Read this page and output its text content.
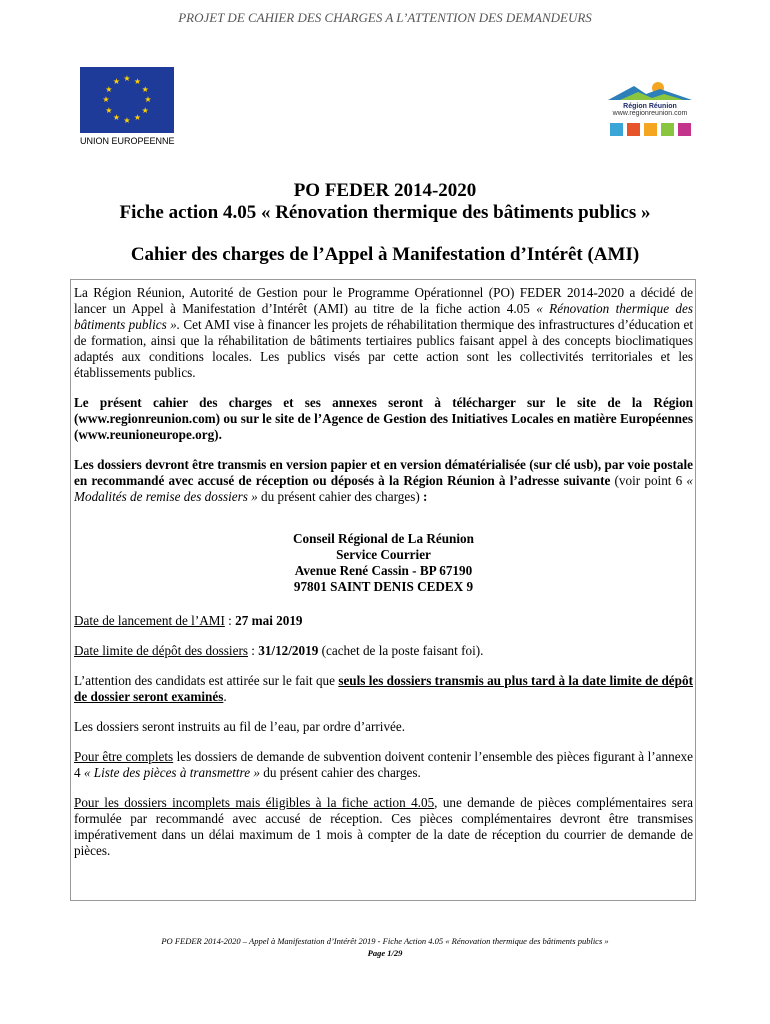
PROJET DE CAHIER DES CHARGES A L’ATTENTION DES DEMANDEURS
★ ★
★
★
★
★
★
★
★
★
★
★
UNION EUROPEENNE
Région Réunion
www.regionreunion.com
PO FEDER 2014-2020
Fiche action 4.05 « Rénovation thermique des bâtiments publics »
Cahier des charges de l’Appel à Manifestation d’Intérêt (AMI)

La Région Réunion, Autorité de Gestion pour le Programme Opérationnel (PO) FEDER 2014-2020 a décidé de lancer un Appel à Manifestation d’Intérêt (AMI) au titre de la fiche action 4.05 « Rénovation thermique des bâtiments publics ». Cet AMI vise à financer les projets de réhabilitation thermique des infrastructures d’éducation et de formation, ainsi que la réhabilitation de bâtiments tertiaires publics faisant appel à des concepts bioclimatiques adaptés aux conditions locales. Les publics visés par cette action sont les collectivités territoriales et les établissements publics.

Le présent cahier des charges et ses annexes seront à télécharger sur le site de la Région (www.regionreunion.com) ou sur le site de l’Agence de Gestion des Initiatives Locales en matière Européennes (www.reunioneurope.org).

Les dossiers devront être transmis en version papier et en version dématérialisée (sur clé usb), par voie postale en recommandé avec accusé de réception ou déposés à la Région Réunion à l’adresse suivante (voir point 6 « Modalités de remise des dossiers » du présent cahier des charges) :

Conseil Régional de La Réunion
Service Courrier
Avenue René Cassin - BP 67190
97801 SAINT DENIS CEDEX 9

Date de lancement de l’AMI : 27 mai 2019

Date limite de dépôt des dossiers : 31/12/2019 (cachet de la poste faisant foi).

L’attention des candidats est attirée sur le fait que seuls les dossiers transmis au plus tard à la date limite de dépôt de dossier seront examinés.

Les dossiers seront instruits au fil de l’eau, par ordre d’arrivée.

Pour être complets les dossiers de demande de subvention doivent contenir l’ensemble des pièces figurant à l’annexe 4 « Liste des pièces à transmettre » du présent cahier des charges.

Pour les dossiers incomplets mais éligibles à la fiche action 4.05, une demande de pièces complémentaires sera formulée par recommandé avec accusé de réception. Ces pièces complémentaires devront être transmises impérativement dans un délai maximum de 1 mois à compter de la date de réception du courrier de demande de pièces.

PO FEDER 2014-2020 – Appel à Manifestation d’Intérêt 2019 - Fiche Action 4.05 « Rénovation thermique des bâtiments publics »
Page 1/29
